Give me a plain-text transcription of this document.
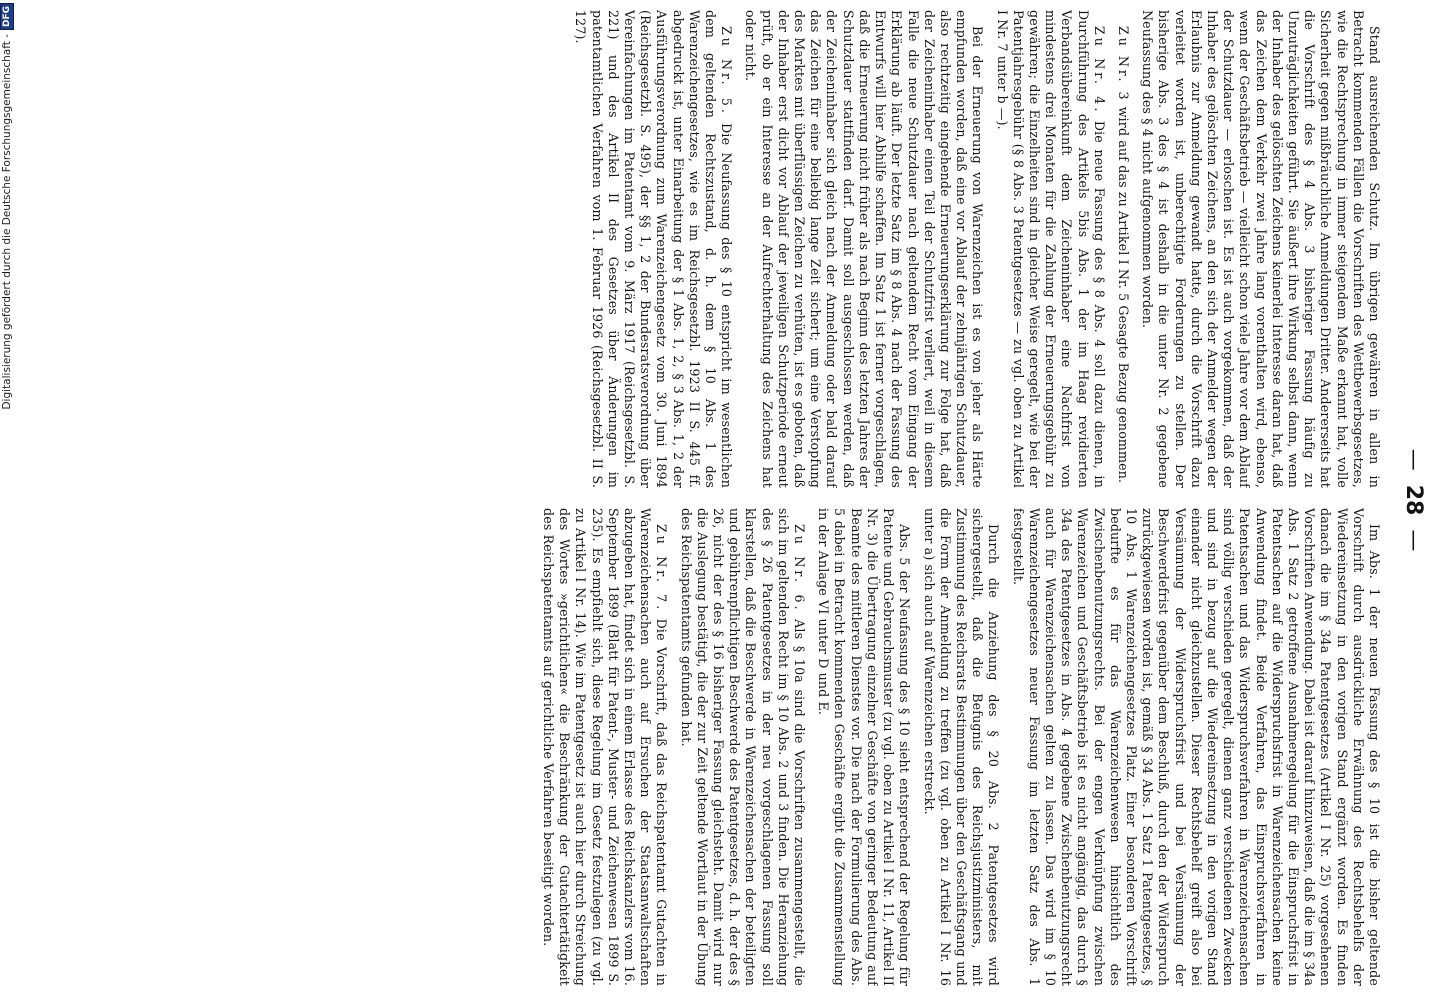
—28—

Stand ausreichenden Schutz. Im übrigen gewähren in allen in Betracht kommenden Fällen die Vorschriften des Wettbewerbsgesetzes, wie die Rechtsprechung in immer steigendem Maße erkannt hat, volle Sicherheit gegen mißbräuchliche Anmeldungen Dritter. Andererseits hat die Vorschrift des § 4 Abs. 3 bisheriger Fassung häufig zu Unzuträglichkeiten geführt. Sie äußert ihre Wirkung selbst dann, wenn der Inhaber des gelöschten Zeichens keinerlei Interesse daran hat, daß das Zeichen dem Verkehr zwei Jahre lang vorenthalten wird, ebenso, wenn der Geschäftsbetrieb — vielleicht schon viele Jahre vor dem Ablauf der Schutzdauer — erloschen ist. Es ist auch vorgekommen, daß der Inhaber des gelöschten Zeichens, an den sich der Anmelder wegen der Erlaubnis zur Anmeldung gewandt hatte, durch die Vorschrift dazu verleitet worden ist, unberechtigte Forderungen zu stellen. Der bisherige Abs. 3 des § 4 ist deshalb in die unter Nr. 2 gegebene Neufassung des § 4 nicht aufgenommen worden.

Zu Nr. 3 wird auf das zu Artikel I Nr. 5 Gesagte Bezug genommen.

Zu Nr. 4. Die neue Fassung des § 8 Abs. 4 soll dazu dienen, in Durchführung des Artikels 5bis Abs. 1 der im Haag revidierten Verbandsübereinkunft dem Zeicheninhaber eine Nachfrist von mindestens drei Monaten für die Zahlung der Erneuerungsgebühr zu gewähren; die Einzelheiten sind in gleicher Weise geregelt, wie bei der Patentjahresgebühr (§ 8 Abs. 3 Patentgesetzes — zu vgl. oben zu Artikel I Nr. 7 unter b —).

Bei der Erneuerung von Warenzeichen ist es von jeher als Härte empfunden worden, daß eine vor Ablauf der zehnjährigen Schutzdauer, also rechtzeitig eingehende Erneuerungserklärung zur Folge hat, daß der Zeicheninhaber einen Teil der Schutzfrist verliert, weil in diesem Falle die neue Schutzdauer nach geltendem Recht vom Eingang der Erklärung ab läuft. Der letzte Satz im § 8 Abs. 4 nach der Fassung des Entwurfs will hier Abhilfe schaffen. Im Satz 1 ist ferner vorgeschlagen, daß die Erneuerung nicht früher als nach Beginn des letzten Jahres der Schutzdauer stattfinden darf. Damit soll ausgeschlossen werden, daß der Zeicheninhaber sich gleich nach der Anmeldung oder bald darauf das Zeichen für eine beliebig lange Zeit sichert; um eine Verstopfung des Marktes mit überflüssigen Zeichen zu verhüten, ist es geboten, daß der Inhaber erst dicht vor Ablauf der jeweiligen Schutzperiode erneut prüft, ob er ein Interesse an der Aufrechterhaltung des Zeichens hat oder nicht.

Zu Nr. 5. Die Neufassung des § 10 entspricht im wesentlichen dem geltenden Rechtszustand, d. h. dem § 10 Abs. 1 des Warenzeichengesetzes, wie es im Reichsgesetzbl. 1923 II S. 445 ff. abgedruckt ist, unter Einarbeitung der § 1 Abs. 1, 2, § 3 Abs. 1, 2 der Ausführungsverordnung zum Warenzeichengesetz vom 30. Juni 1894 (Reichsgesetzbl. S. 495), der §§ 1, 2 der Bundesratsverordnung über Vereinfachungen im Patentamt vom 9. März 1917 (Reichsgesetzbl. S. 221) und des Artikel II des Gesetzes über Änderungen im patentamtlichen Verfahren vom 1. Februar 1926 (Reichsgesetzbl. II S. 127).

Im Abs. 1 der neuen Fassung des § 10 ist die bisher geltende Vorschrift durch ausdrückliche Erwähnung des Rechtsbehelfs der Wiedereinsetzung in den vorigen Stand ergänzt worden. Es finden danach die im § 34a Patentgesetzes (Artikel I Nr. 25) vorgesehenen Vorschriften Anwendung. Dabei ist darauf hinzuweisen, daß die im § 34a Abs. 1 Satz 2 getroffene Ausnahmeregelung für die Einspruchsfrist in Patentsachen auf die Widerspruchsfrist in Warenzeichensachen keine Anwendung findet. Beide Verfahren, das Einspruchsverfahren in Patentsachen und das Widerspruchsverfahren in Warenzeichensachen sind völlig verschieden geregelt, dienen ganz verschiedenen Zwecken und sind in bezug auf die Wiedereinsetzung in den vorigen Stand einander nicht gleichzustellen. Dieser Rechtsbehelf greift also bei Versäumung der Widerspruchsfrist und bei Versäumung der Beschwerdefrist gegenüber dem Beschluß, durch den der Widerspruch zurückgewiesen worden ist, gemäß § 34 Abs. 1 Satz 1 Patentgesetzes, § 10 Abs. 1 Warenzeichengesetzes Platz. Einer besonderen Vorschrift bedurfte es für das Warenzeichenwesen hinsichtlich des Zwischenbenutzungsrechts. Bei der engen Verknüpfung zwischen Warenzeichen und Geschäftsbetrieb ist es nicht angängig, das durch § 34a des Patentgesetzes in Abs. 4 gegebene Zwischenbenutzungsrecht auch für Warenzeichensachen gelten zu lassen. Das wird im § 10 Warenzeichengesetzes neuer Fassung im letzten Satz des Abs. 1 festgestellt.

Durch die Anziehung des § 20 Abs. 2 Patentgesetzes wird sichergestellt, daß die Befugnis des Reichsjustizministers, mit Zustimmung des Reichsrats Bestimmungen über den Geschäftsgang und die Form der Anmeldung zu treffen (zu vgl. oben zu Artikel I Nr. 16 unter a) sich auch auf Warenzeichen erstreckt.

Abs. 5 der Neufassung des § 10 sieht entsprechend der Regelung für Patente und Gebrauchsmuster (zu vgl. oben zu Artikel I Nr. 11, Artikel II Nr. 3) die Übertragung einzelner Geschäfte von geringer Bedeutung auf Beamte des mittleren Dienstes vor. Die nach der Formulierung des Abs. 5 dabei in Betracht kommenden Geschäfte ergibt die Zusammenstellung in der Anlage VI unter D und E.

Zu Nr. 6. Als § 10a sind die Vorschriften zusammengestellt, die sich im geltenden Recht im § 10 Abs. 2 und 3 finden. Die Heranziehung des § 26 Patentgesetzes in der neu vorgeschlagenen Fassung soll klarstellen, daß die Beschwerde in Warenzeichensachen der beteiligten und gebührenpflichtigen Beschwerde des Patentgesetzes, d. h. der des § 26, nicht der des § 16 bisheriger Fassung gleichsteht. Damit wird nur die Auslegung bestätigt, die der zur Zeit geltende Wortlaut in der Übung des Reichspatentamts gefunden hat.

Zu Nr. 7. Die Vorschrift, daß das Reichspatentamt Gutachten in Warenzeichensachen auch auf Ersuchen der Staatsanwaltschaften abzugeben hat, findet sich in einem Erlasse des Reichskanzlers vom 16. September 1899 (Blatt für Patent-, Muster- und Zeichenwesen 1899 S. 235). Es empfiehlt sich, diese Regelung im Gesetz festzulegen (zu vgl. zu Artikel I Nr. 14). Wie im Patentgesetz ist auch hier durch Streichung des Wortes »gerichtlichen« die Beschränkung der Gutachtertätigkeit des Reichspatentamts auf gerichtliche Verfahren beseitigt worden.

Digitalisierung gefördert durch die Deutsche Forschungsgemeinschaft -
DFG
